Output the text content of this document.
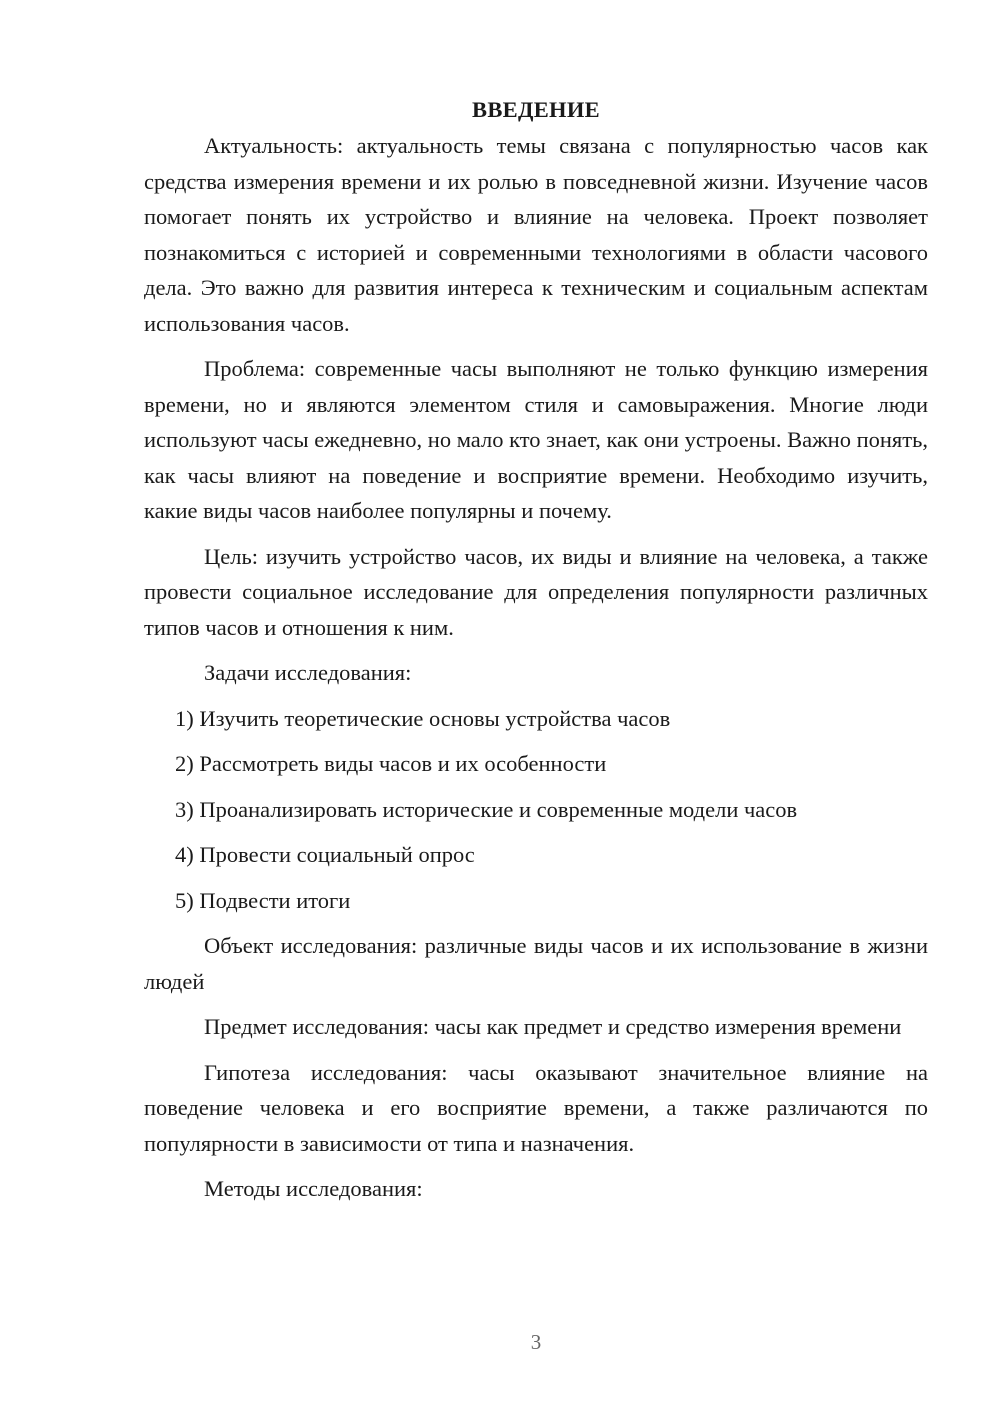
ВВЕДЕНИЕ

Актуальность: актуальность темы связана с популярностью часов как средства измерения времени и их ролью в повседневной жизни. Изучение часов помогает понять их устройство и влияние на человека. Проект позволяет познакомиться с историей и современными технологиями в области часового дела. Это важно для развития интереса к техническим и социальным аспектам использования часов.

Проблема: современные часы выполняют не только функцию измерения времени, но и являются элементом стиля и самовыражения. Многие люди используют часы ежедневно, но мало кто знает, как они устроены. Важно понять, как часы влияют на поведение и восприятие времени. Необходимо изучить, какие виды часов наиболее популярны и почему.

Цель: изучить устройство часов, их виды и влияние на человека, а также провести социальное исследование для определения популярности различных типов часов и отношения к ним.

Задачи исследования:

1) Изучить теоретические основы устройства часов
2) Рассмотреть виды часов и их особенности
3) Проанализировать исторические и современные модели часов
4) Провести социальный опрос
5) Подвести итоги

Объект исследования: различные виды часов и их использование в жизни людей

Предмет исследования: часы как предмет и средство измерения времени

Гипотеза исследования: часы оказывают значительное влияние на поведение человека и его восприятие времени, а также различаются по популярности в зависимости от типа и назначения.

Методы исследования:

3
